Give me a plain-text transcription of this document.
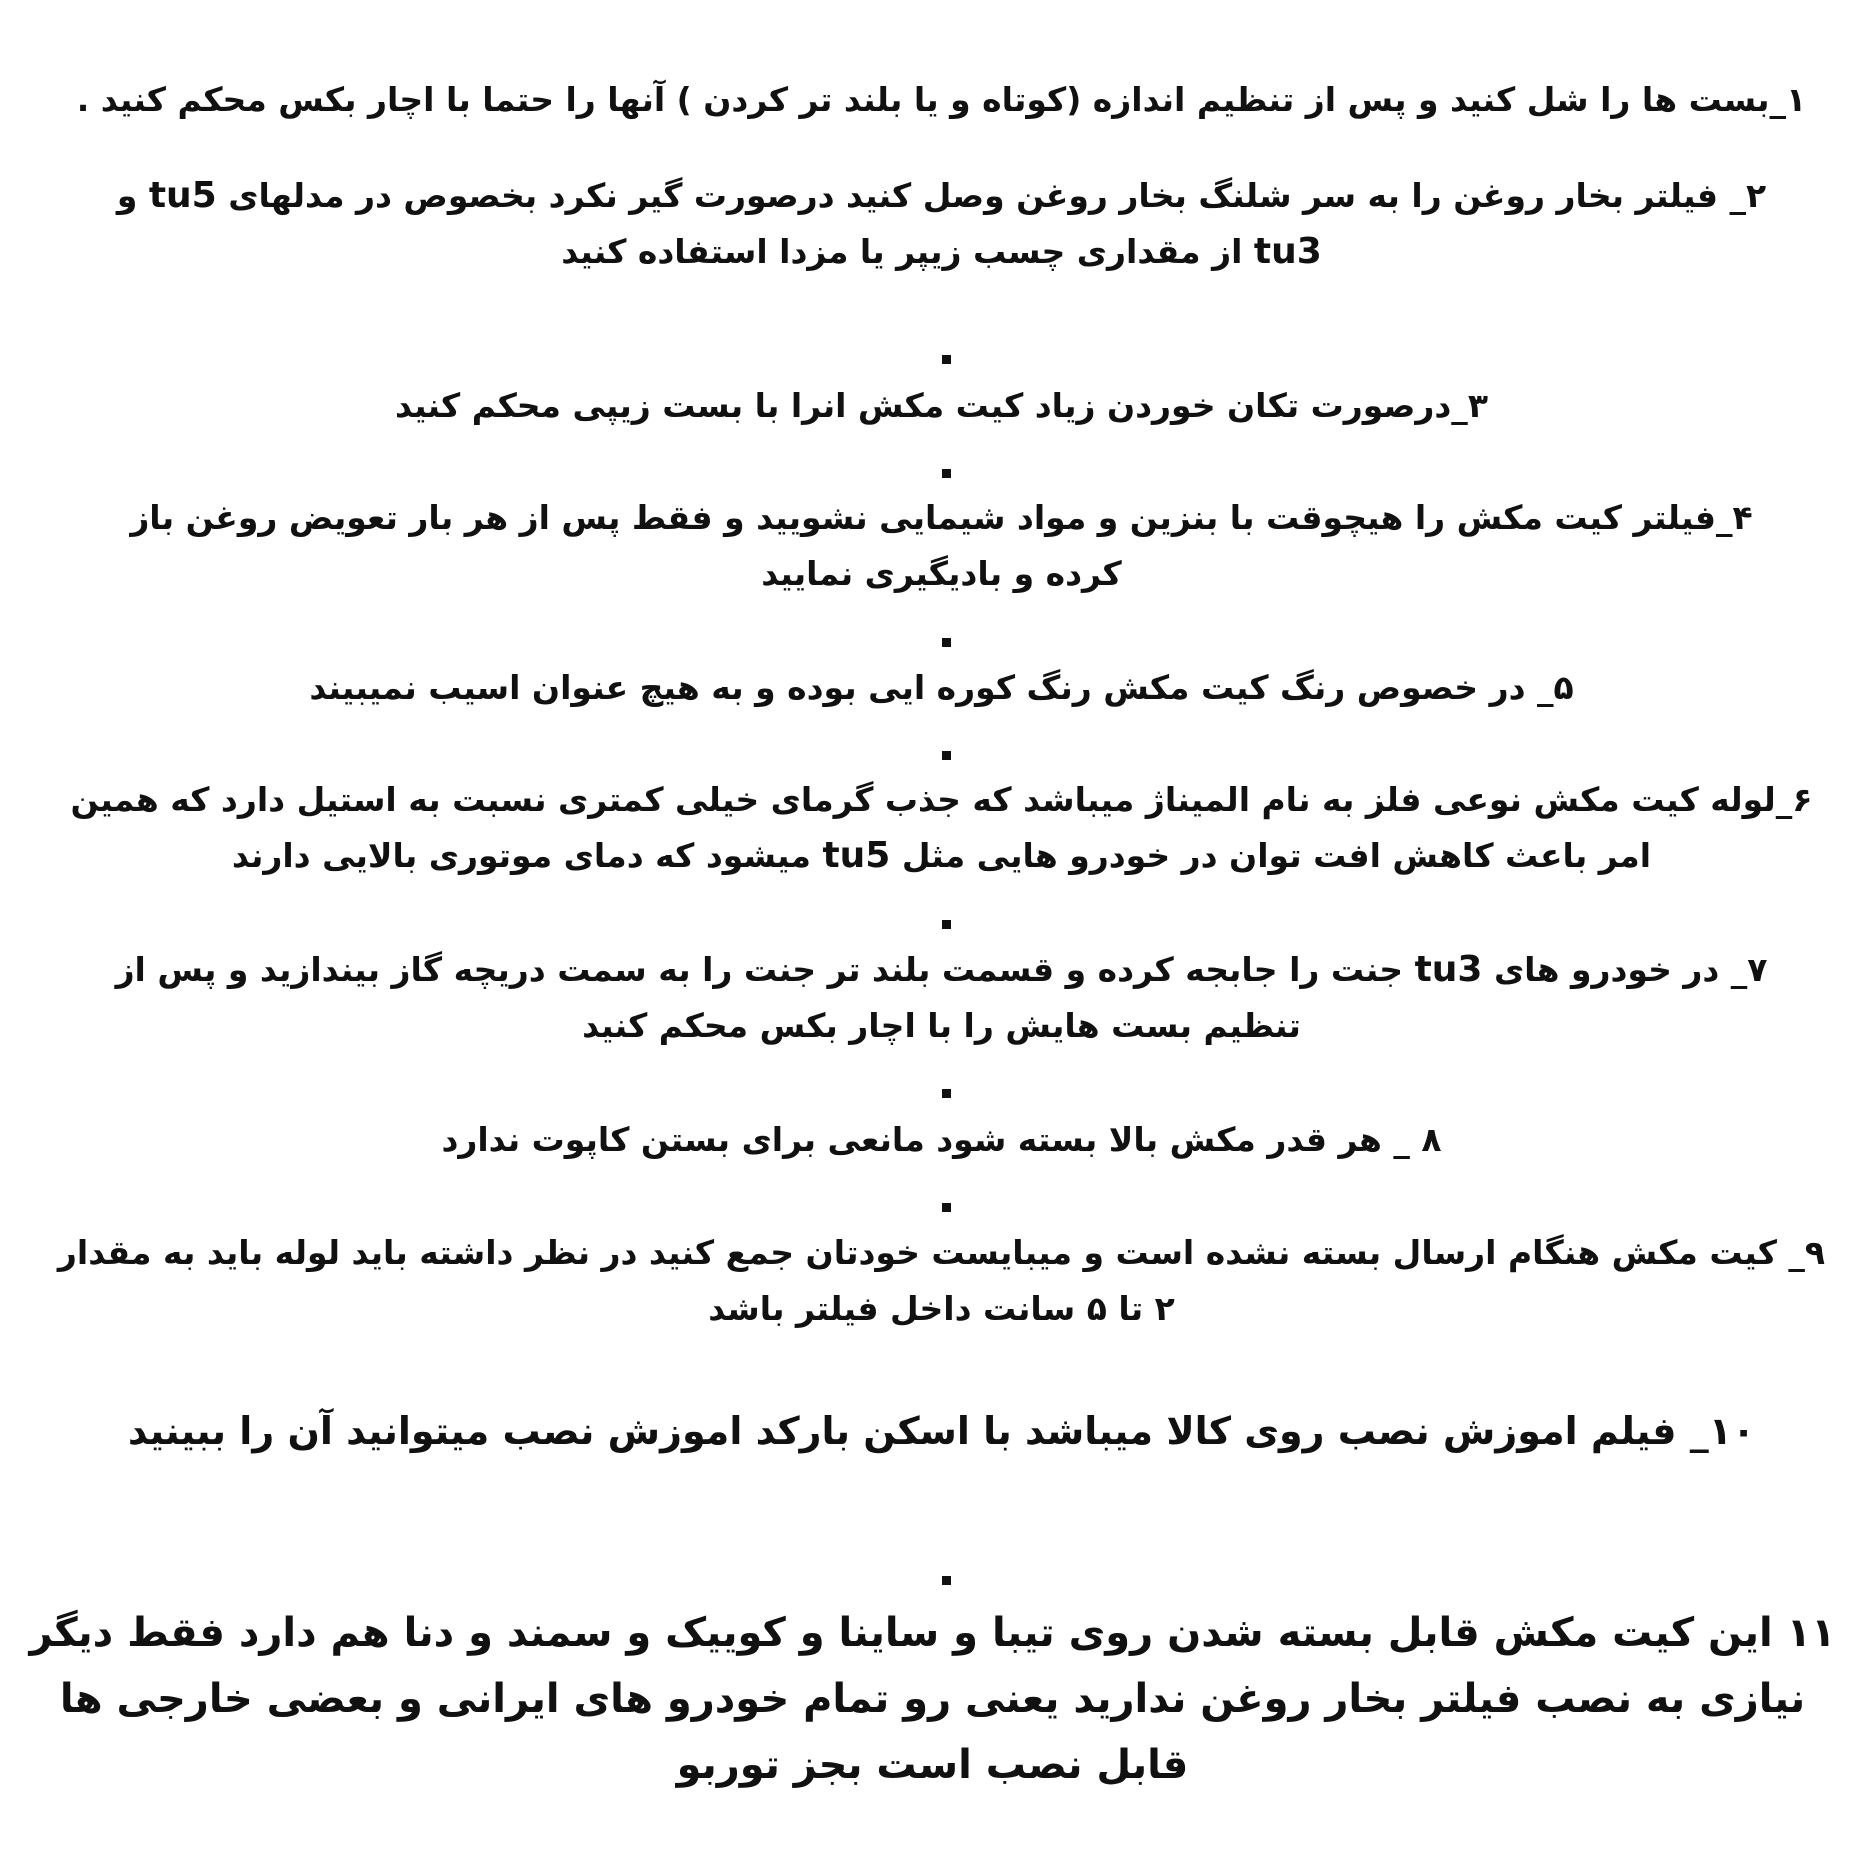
۱_بست ها را شل کنید و پس از تنظیم اندازه (کوتاه و یا بلند تر کردن ) آنها را حتما با اچار بکس محکم کنید .

۲_ فیلتر بخار روغن را به سر شلنگ بخار روغن وصل کنید درصورت گیر نکرد بخصوص در مدلهای tu5 و tu3 از مقداری چسب زیپر یا مزدا استفاده کنید

۳_درصورت تکان خوردن زیاد کیت مکش انرا با بست زیپی محکم کنید

۴_فیلتر کیت مکش را هیچوقت با بنزین و مواد شیمایی نشویید و فقط پس از هر بار تعویض روغن باز کرده و بادیگیری نمایید

۵_ در خصوص رنگ کیت مکش رنگ کوره ایی بوده و به هیچ عنوان اسیب نمیبیند

۶_لوله کیت مکش نوعی فلز به نام المیناژ میباشد که جذب گرمای خیلی کمتری نسبت به استیل دارد که همین امر باعث کاهش افت توان در خودرو هایی مثل tu5 میشود که دمای موتوری بالایی دارند

۷_ در خودرو های tu3 جنت را جابجه کرده و قسمت بلند تر جنت را به سمت دریچه گاز بیندازید و پس از تنظیم بست هایش را با اچار بکس محکم کنید

۸ _ هر قدر مکش بالا بسته شود مانعی برای بستن کاپوت ندارد

۹_ کیت مکش هنگام ارسال بسته نشده است و میبایست خودتان جمع کنید در نظر داشته باید لوله باید به مقدار ۲ تا ۵ سانت داخل فیلتر باشد

۱۰_ فیلم اموزش نصب روی کالا میباشد با اسکن بارکد اموزش نصب میتوانید آن را ببینید

۱۱ این کیت مکش قابل بسته شدن روی تیبا و ساینا و کوییک و سمند و دنا هم دارد فقط دیگر نیازی به نصب فیلتر بخار روغن ندارید یعنی رو تمام خودرو های ایرانی و بعضی خارجی ها قابل نصب است بجز توربو
